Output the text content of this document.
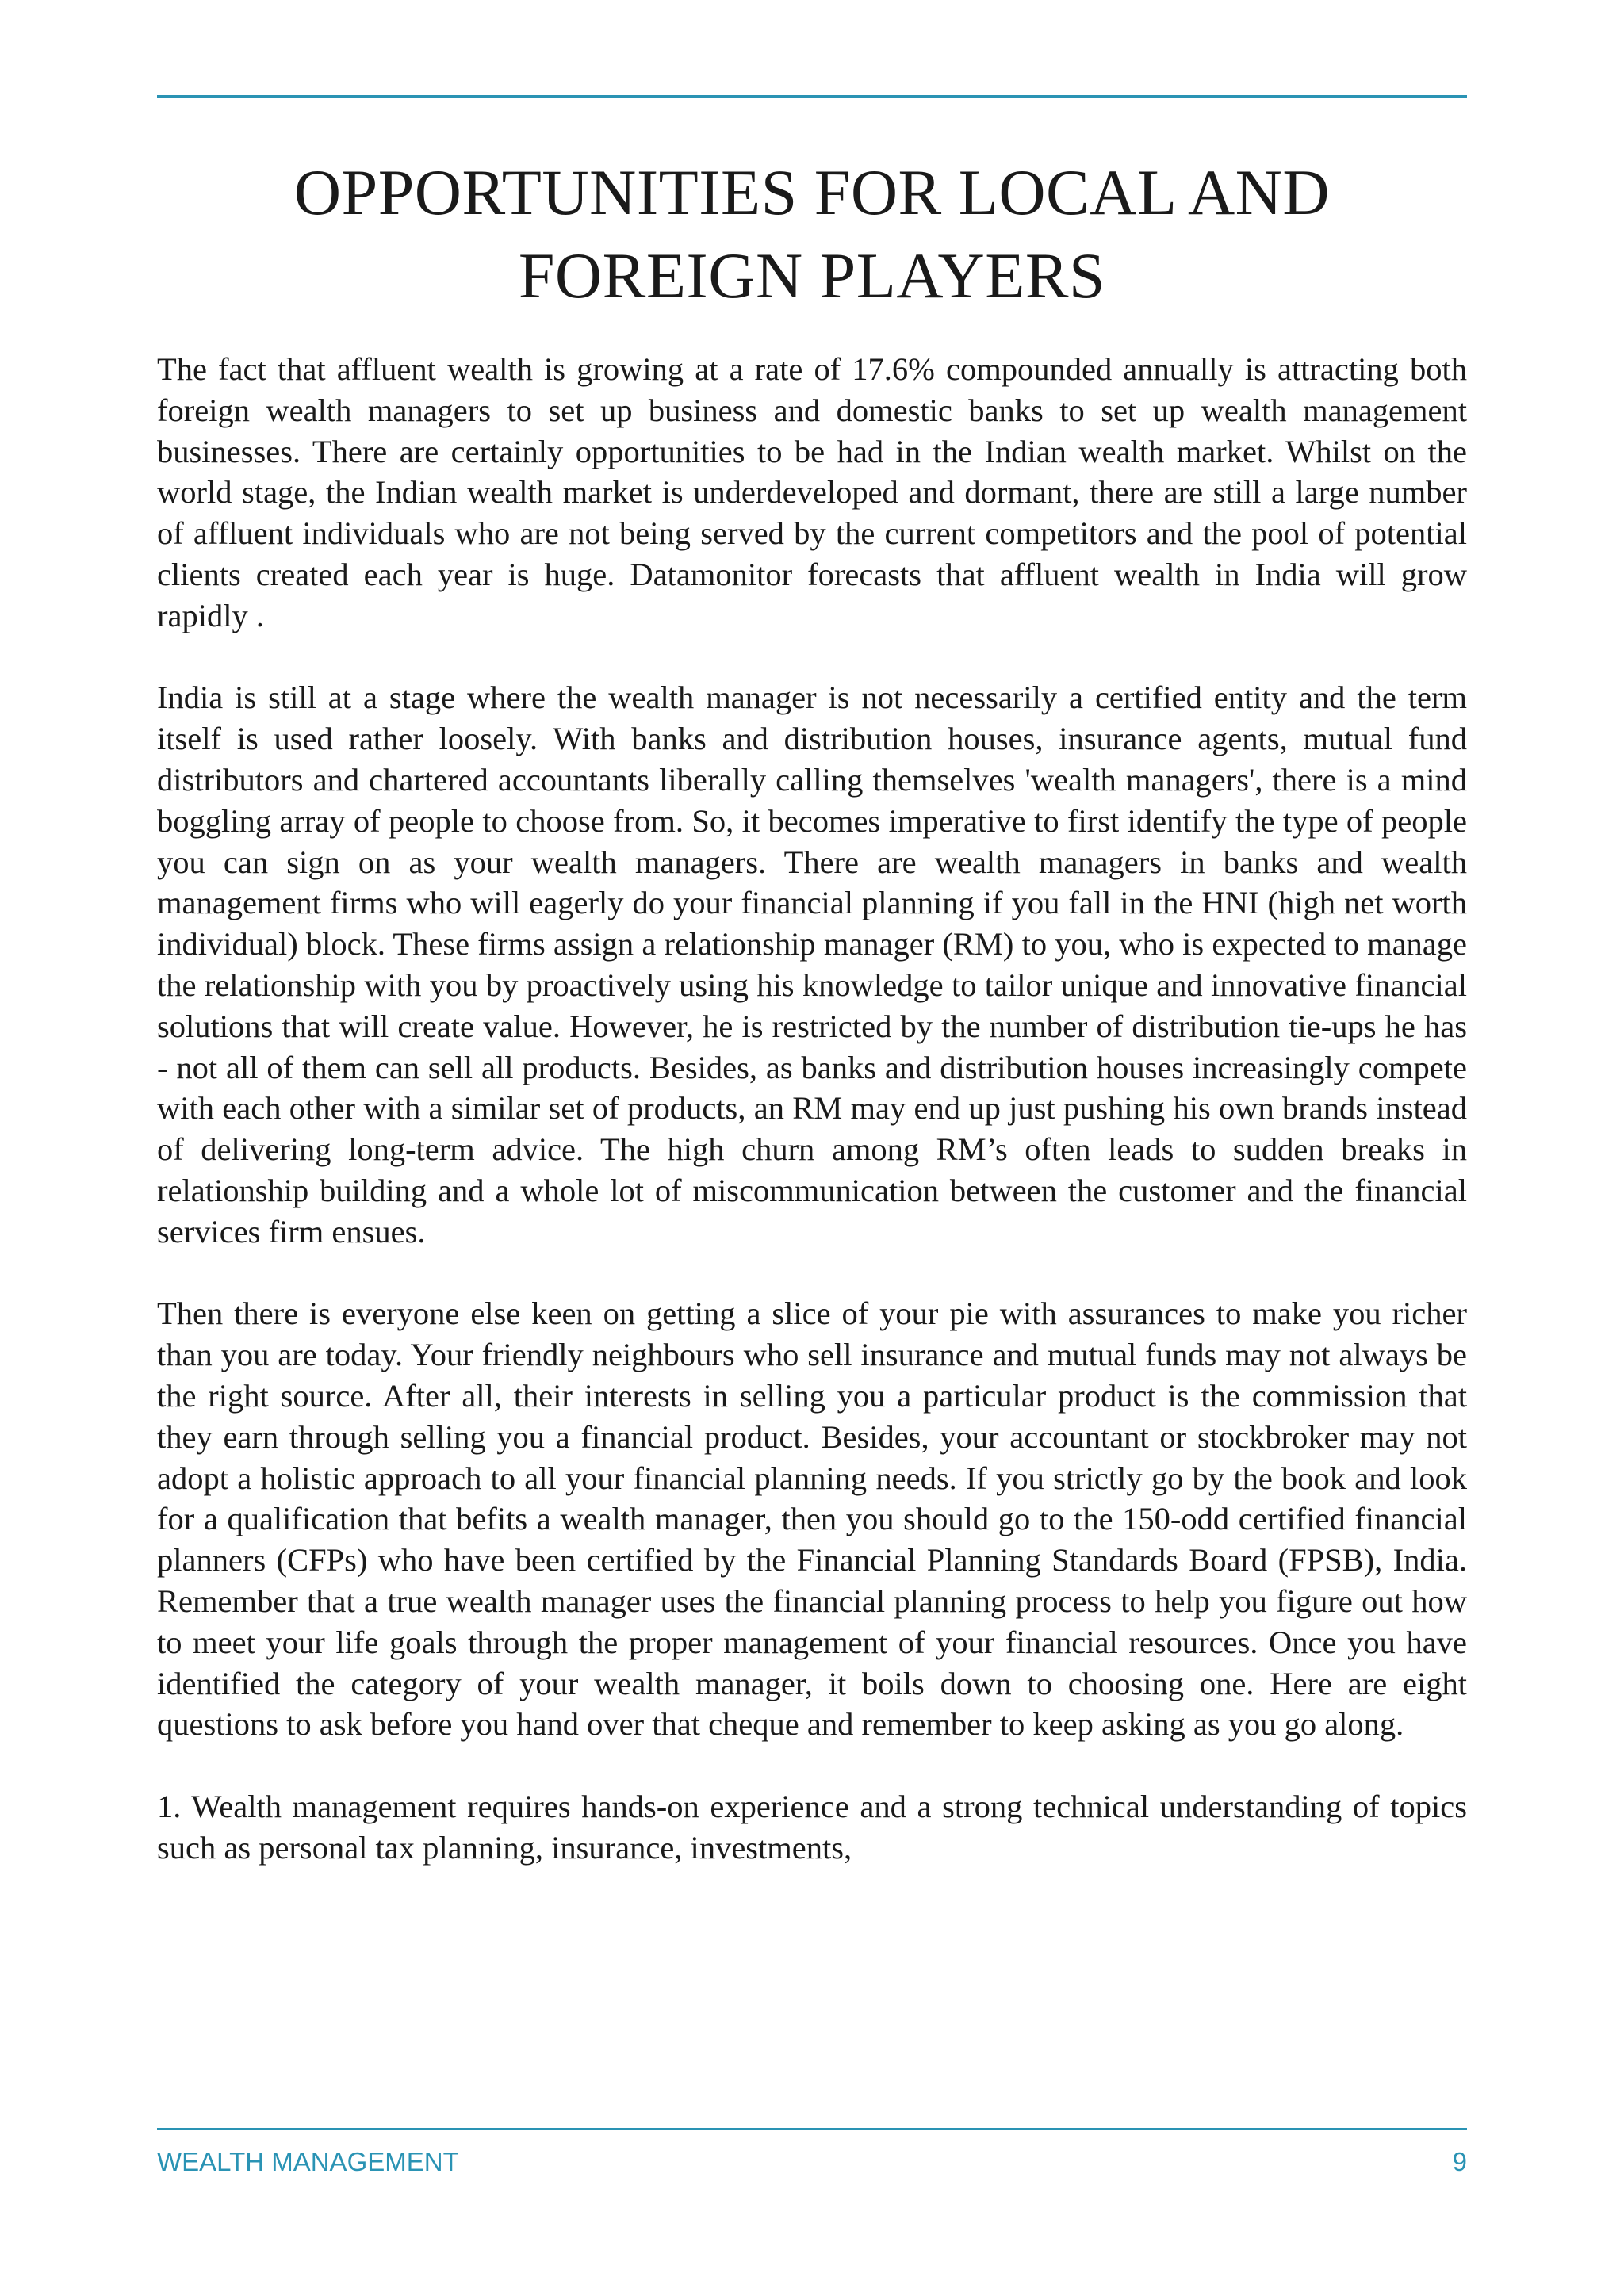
OPPORTUNITIES FOR LOCAL AND FOREIGN PLAYERS

The fact that affluent wealth is growing at a rate of 17.6% compounded annually is attracting both foreign wealth managers to set up business and domestic banks to set up wealth management businesses. There are certainly opportunities to be had in the Indian wealth market. Whilst on the world stage, the Indian wealth market is underdeveloped and dormant, there are still a large number of affluent individuals who are not being served by the current competitors and the pool of potential clients created each year is huge. Datamonitor forecasts that affluent wealth in India will grow rapidly .

India is still at a stage where the wealth manager is not necessarily a certified entity and the term itself is used rather loosely. With banks and distribution houses, insurance agents, mutual fund distributors and chartered accountants liberally calling themselves 'wealth managers', there is a mind boggling array of people to choose from. So, it becomes imperative to first identify the type of people you can sign on as your wealth managers. There are wealth managers in banks and wealth management firms who will eagerly do your financial planning if you fall in the HNI (high net worth individual) block. These firms assign a relationship manager (RM) to you, who is expected to manage the relationship with you by proactively using his knowledge to tailor unique and innovative financial solutions that will create value. However, he is restricted by the number of distribution tie-ups he has - not all of them can sell all products. Besides, as banks and distribution houses increasingly compete with each other with a similar set of products, an RM may end up just pushing his own brands instead of delivering long-term advice. The high churn among RM’s often leads to sudden breaks in relationship building and a whole lot of miscommunication between the customer and the financial services firm ensues.

Then there is everyone else keen on getting a slice of your pie with assurances to make you richer than you are today. Your friendly neighbours who sell insurance and mutual funds may not always be the right source. After all, their interests in selling you a particular product is the commission that they earn through selling you a financial product. Besides, your accountant or stockbroker may not adopt a holistic approach to all your financial planning needs. If you strictly go by the book and look for a qualification that befits a wealth manager, then you should go to the 150-odd certified financial planners (CFPs) who have been certified by the Financial Planning Standards Board (FPSB), India. Remember that a true wealth manager uses the financial planning process to help you figure out how to meet your life goals through the proper management of your financial resources. Once you have identified the category of your wealth manager, it boils down to choosing one. Here are eight questions to ask before you hand over that cheque and remember to keep asking as you go along.

1. Wealth management requires hands-on experience and a strong technical understanding of topics such as personal tax planning, insurance, investments,

WEALTH MANAGEMENT	9
